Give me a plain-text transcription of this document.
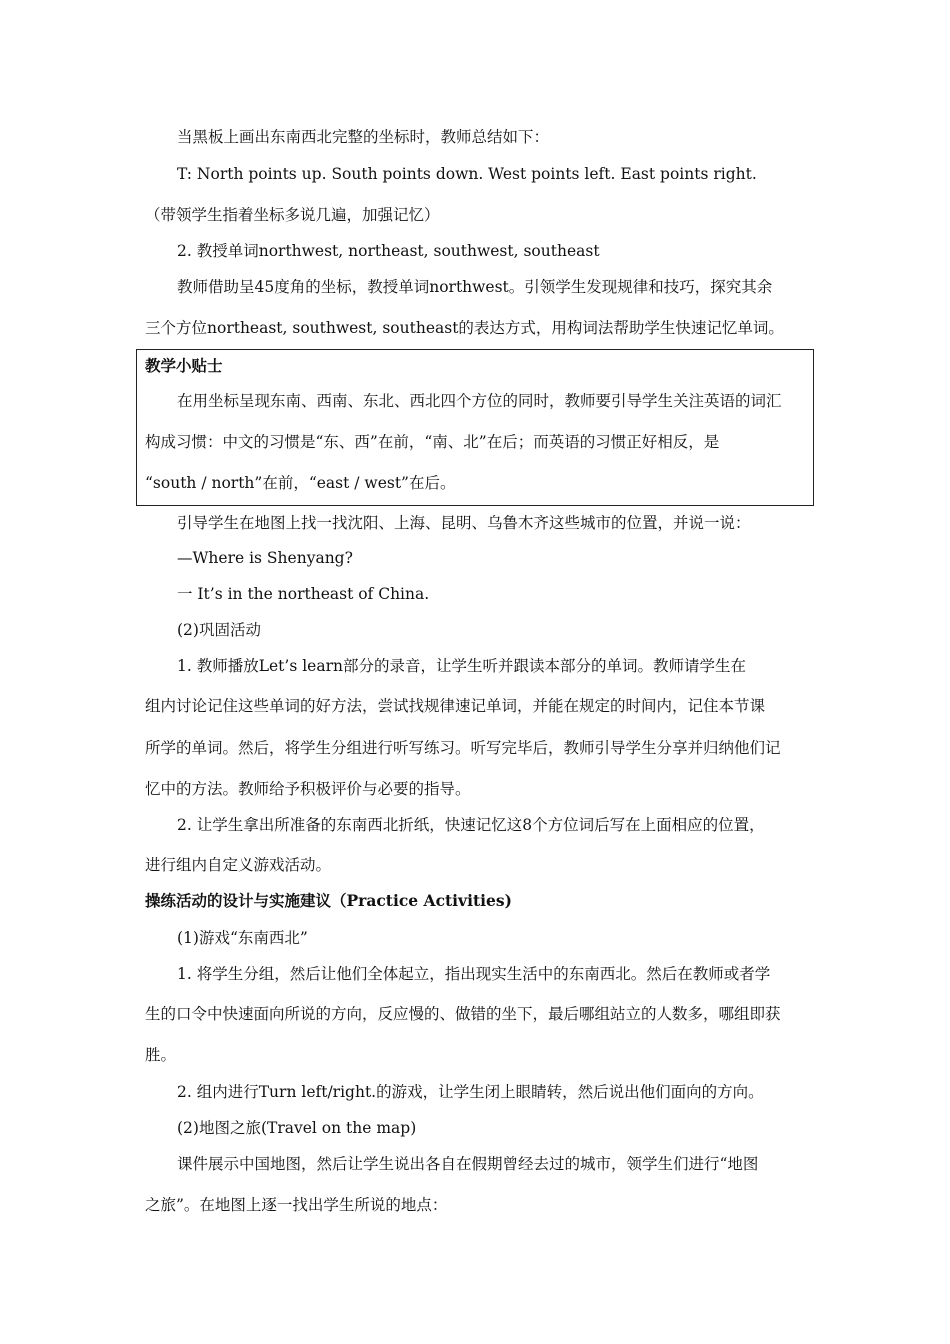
当黑板上画出东南西北完整的坐标时，教师总结如下：
T: North points up. South points down. West points left. East points right.
（带领学生指着坐标多说几遍，加强记忆）
2. 教授单词northwest, northeast, southwest, southeast
教师借助呈45度角的坐标，教授单词northwest。引领学生发现规律和技巧，探究其余
三个方位northeast, southwest, southeast的表达方式，用构词法帮助学生快速记忆单词。
教学小贴士
在用坐标呈现东南、西南、东北、西北四个方位的同时，教师要引导学生关注英语的词汇
构成习惯：中文的习惯是“东、西”在前，“南、北”在后；而英语的习惯正好相反，是
“south / north”在前，“east / west”在后。
引导学生在地图上找一找沈阳、上海、昆明、乌鲁木齐这些城市的位置，并说一说：
—Where is Shenyang?
一 It’s in the northeast of China.
(2)巩固活动
1. 教师播放Let’s learn部分的录音，让学生听并跟读本部分的单词。教师请学生在
组内讨论记住这些单词的好方法，尝试找规律速记单词，并能在规定的时间内，记住本节课
所学的单词。然后，将学生分组进行听写练习。听写完毕后，教师引导学生分享并归纳他们记
忆中的方法。教师给予积极评价与必要的指导。
2. 让学生拿出所准备的东南西北折纸，快速记忆这8个方位词后写在上面相应的位置，
进行组内自定义游戏活动。
操练活动的设计与实施建议（Practice Activities)
(1)游戏“东南西北”
1. 将学生分组，然后让他们全体起立，指出现实生活中的东南西北。然后在教师或者学
生的口令中快速面向所说的方向，反应慢的、做错的坐下，最后哪组站立的人数多，哪组即获
胜。
2. 组内进行Turn left/right.的游戏，让学生闭上眼睛转，然后说出他们面向的方向。
(2)地图之旅(Travel on the map)
课件展示中国地图，然后让学生说出各自在假期曾经去过的城市，领学生们进行“地图
之旅”。在地图上逐一找出学生所说的地点：
